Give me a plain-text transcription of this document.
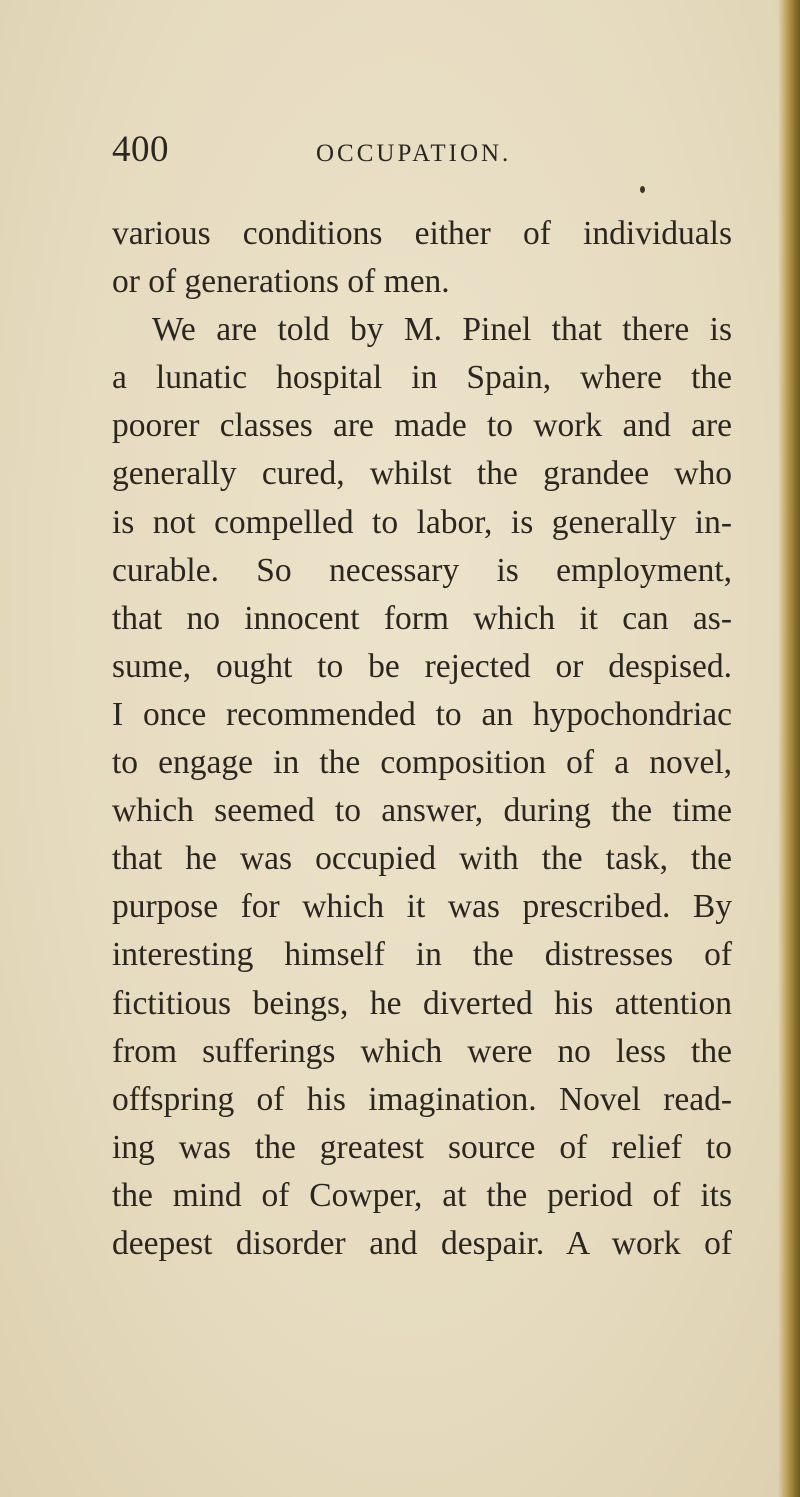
400	OCCUPATION.
various conditions either of individuals
or of generations of men.
We are told by M. Pinel that there is
a lunatic hospital in Spain, where the
poorer classes are made to work and are
generally cured, whilst the grandee who
is not compelled to labor, is generally in-
curable. So necessary is employment,
that no innocent form which it can as-
sume, ought to be rejected or despised.
I once recommended to an hypochondriac
to engage in the composition of a novel,
which seemed to answer, during the time
that he was occupied with the task, the
purpose for which it was prescribed. By
interesting himself in the distresses of
fictitious beings, he diverted his attention
from sufferings which were no less the
offspring of his imagination. Novel read-
ing was the greatest source of relief to
the mind of Cowper, at the period of its
deepest disorder and despair. A work of
